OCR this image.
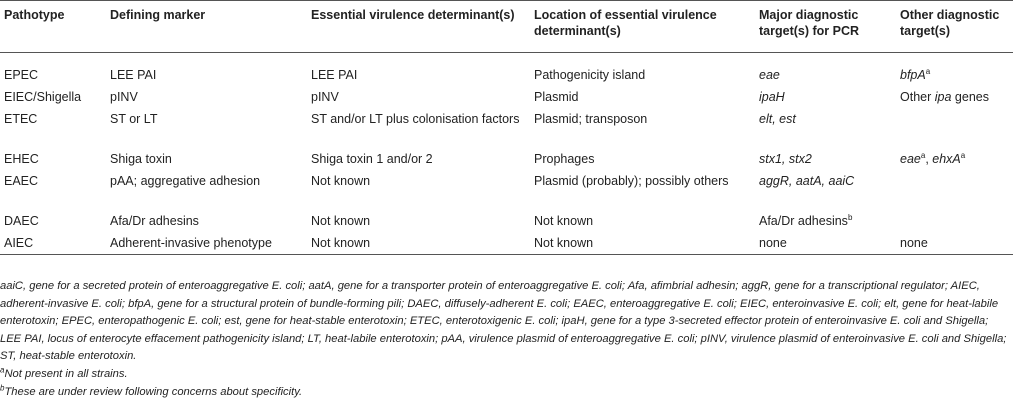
Pathotype	Defining marker	Essential virulence determinant(s)	Location of essential virulence determinant(s)	Major diagnostic target(s) for PCR	Other diagnostic target(s)
EPEC	LEE PAI	LEE PAI	Pathogenicity island	eae	bfpA$^a$
EIEC/Shigella	pINV	pINV	Plasmid	ipaH	Other ipa genes
ETEC	ST or LT	ST and/or LT plus colonisation factors	Plasmid; transposon	elt, est	
EHEC	Shiga toxin	Shiga toxin 1 and/or 2	Prophages	stx1, stx2	eae$^a$, ehxA$^a$
EAEC	pAA; aggregative adhesion	Not known	Plasmid (probably); possibly others	aggR, aatA, aaiC	
DAEC	Afa/Dr adhesins	Not known	Not known	Afa/Dr adhesins$^b$	
AIEC	Adherent-invasive phenotype	Not known	Not known	none	none

aaiC, gene for a secreted protein of enteroaggregative E. coli; aatA, gene for a transporter protein of enteroaggregative E. coli; Afa, afimbrial adhesin; aggR, gene for a transcriptional regulator; AIEC, adherent-invasive E. coli; bfpA, gene for a structural protein of bundle-forming pili; DAEC, diffusely-adherent E. coli; EAEC, enteroaggregative E. coli; EIEC, enteroinvasive E. coli; elt, gene for heat-labile enterotoxin; EPEC, enteropathogenic E. coli; est, gene for heat-stable enterotoxin; ETEC, enterotoxigenic E. coli; ipaH, gene for a type 3-secreted effector protein of enteroinvasive E. coli and Shigella; LEE PAI, locus of enterocyte effacement pathogenicity island; LT, heat-labile enterotoxin; pAA, virulence plasmid of enteroaggregative E. coli; pINV, virulence plasmid of enteroinvasive E. coli and Shigella; ST, heat-stable enterotoxin.

$^a$Not present in all strains.

$^b$These are under review following concerns about specificity.
